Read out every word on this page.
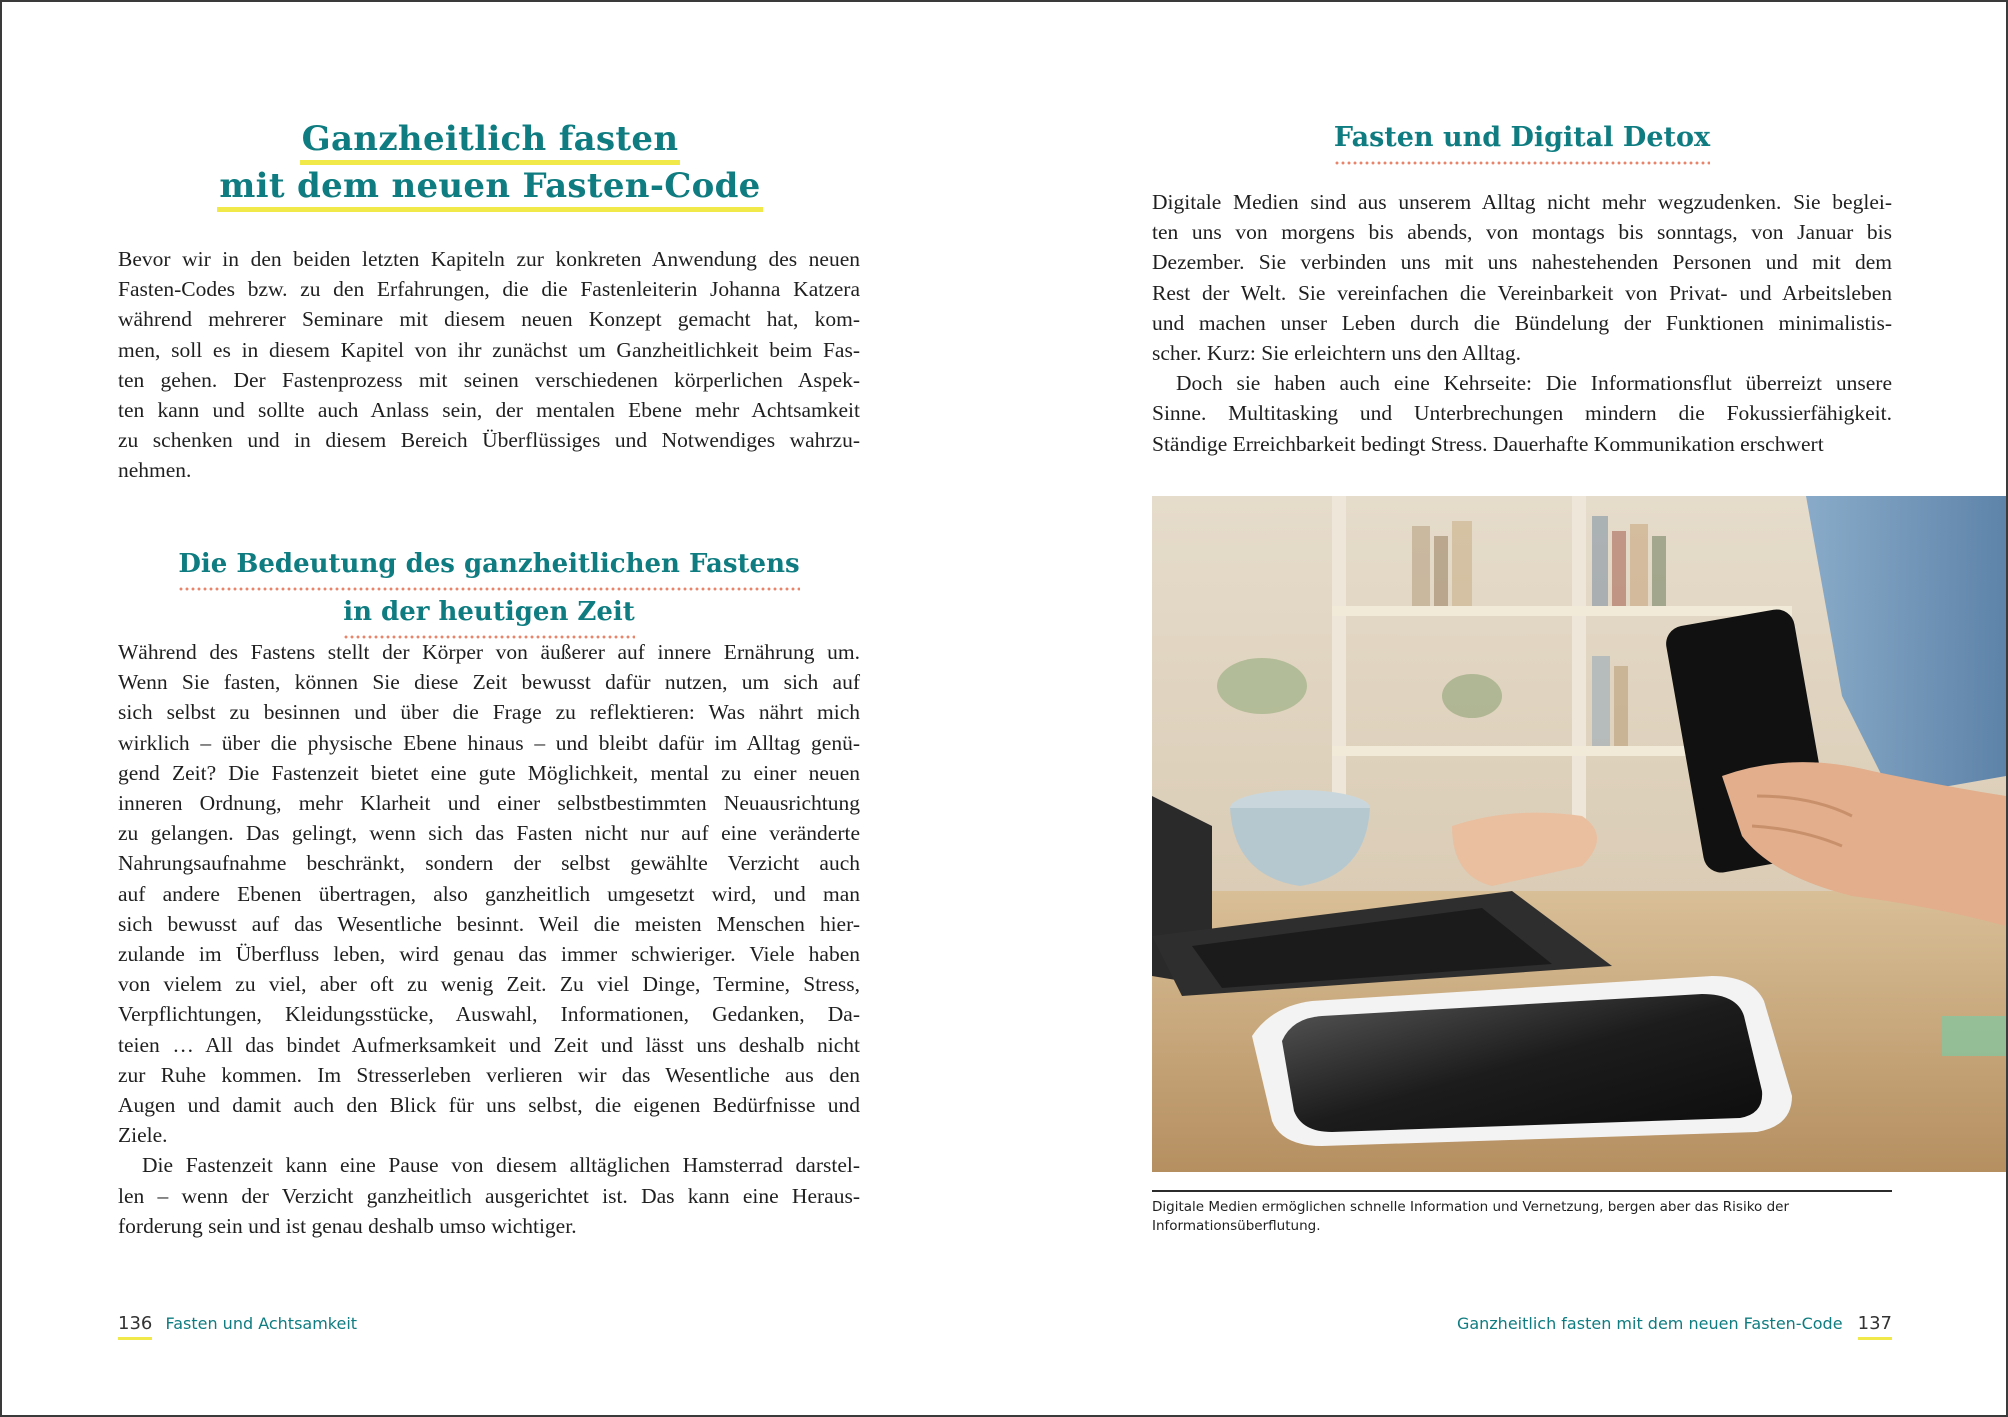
Ganzheitlich fasten
mit dem neuen Fasten-Code
Bevor wir in den beiden letzten Kapiteln zur konkreten Anwendung des neuen
Fasten-Codes bzw. zu den Erfahrungen, die die Fastenleiterin Johanna Katzera
während mehrerer Seminare mit diesem neuen Konzept gemacht hat, kom-
men, soll es in diesem Kapitel von ihr zunächst um Ganzheitlichkeit beim Fas-
ten gehen. Der Fastenprozess mit seinen verschiedenen körperlichen Aspek-
ten kann und sollte auch Anlass sein, der mentalen Ebene mehr Achtsamkeit
zu schenken und in diesem Bereich Überflüssiges und Notwendiges wahrzu-
nehmen.
Die Bedeutung des ganzheitlichen Fastens
in der heutigen Zeit
Während des Fastens stellt der Körper von äußerer auf innere Ernährung um.
Wenn Sie fasten, können Sie diese Zeit bewusst dafür nutzen, um sich auf
sich selbst zu besinnen und über die Frage zu reflektieren: Was nährt mich
wirklich – über die physische Ebene hinaus – und bleibt dafür im Alltag genü-
gend Zeit? Die Fastenzeit bietet eine gute Möglichkeit, mental zu einer neuen
inneren Ordnung, mehr Klarheit und einer selbstbestimmten Neuausrichtung
zu gelangen. Das gelingt, wenn sich das Fasten nicht nur auf eine veränderte
Nahrungsaufnahme beschränkt, sondern der selbst gewählte Verzicht auch
auf andere Ebenen übertragen, also ganzheitlich umgesetzt wird, und man
sich bewusst auf das Wesentliche besinnt. Weil die meisten Menschen hier-
zulande im Überfluss leben, wird genau das immer schwieriger. Viele haben
von vielem zu viel, aber oft zu wenig Zeit. Zu viel Dinge, Termine, Stress,
Verpflichtungen, Kleidungsstücke, Auswahl, Informationen, Gedanken, Da-
teien … All das bindet Aufmerksamkeit und Zeit und lässt uns deshalb nicht
zur Ruhe kommen. Im Stresserleben verlieren wir das Wesentliche aus den
Augen und damit auch den Blick für uns selbst, die eigenen Bedürfnisse und
Ziele.
Die Fastenzeit kann eine Pause von diesem alltäglichen Hamsterrad darstel-
len – wenn der Verzicht ganzheitlich ausgerichtet ist. Das kann eine Heraus-
forderung sein und ist genau deshalb umso wichtiger.
136 Fasten und Achtsamkeit
Fasten und Digital Detox
Digitale Medien sind aus unserem Alltag nicht mehr wegzudenken. Sie beglei-
ten uns von morgens bis abends, von montags bis sonntags, von Januar bis
Dezember. Sie verbinden uns mit uns nahestehenden Personen und mit dem
Rest der Welt. Sie vereinfachen die Vereinbarkeit von Privat- und Arbeitsleben
und machen unser Leben durch die Bündelung der Funktionen minimalistis-
scher. Kurz: Sie erleichtern uns den Alltag.
Doch sie haben auch eine Kehrseite: Die Informationsflut überreizt unsere
Sinne. Multitasking und Unterbrechungen mindern die Fokussierfähigkeit.
Ständige Erreichbarkeit bedingt Stress. Dauerhafte Kommunikation erschwert
Digitale Medien ermöglichen schnelle Information und Vernetzung, bergen aber das Risiko der
Informationsüberflutung.
Ganzheitlich fasten mit dem neuen Fasten-Code 137
